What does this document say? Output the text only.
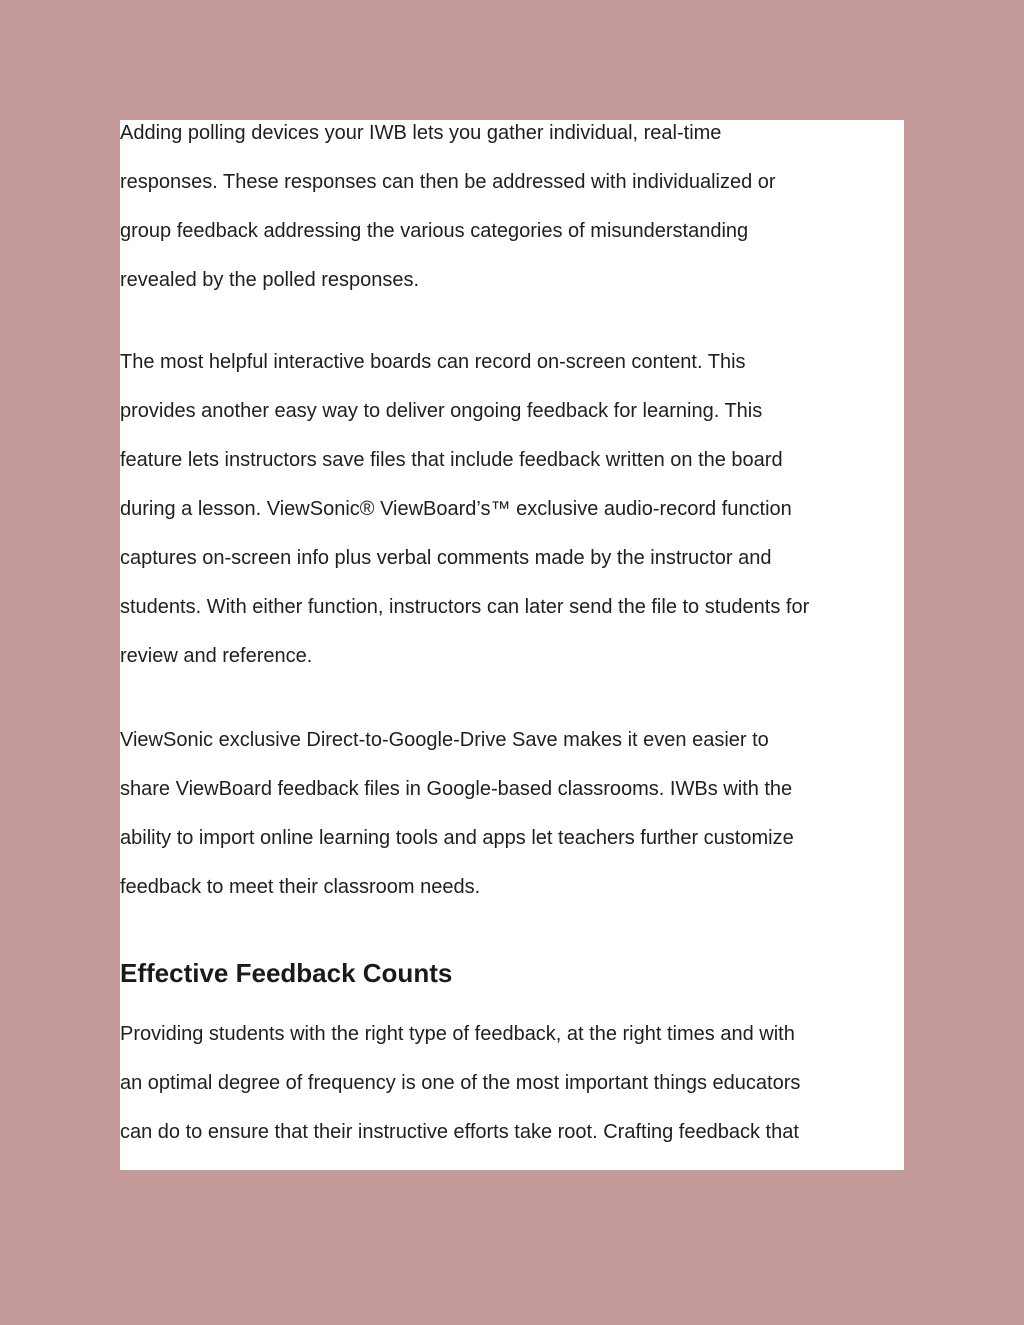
Adding polling devices your IWB lets you gather individual, real-time
responses. These responses can then be addressed with individualized or
group feedback addressing the various categories of misunderstanding
revealed by the polled responses.
The most helpful interactive boards can record on-screen content. This
provides another easy way to deliver ongoing feedback for learning. This
feature lets instructors save files that include feedback written on the board
during a lesson. ViewSonic® ViewBoard’s™ exclusive audio-record function
captures on-screen info plus verbal comments made by the instructor and
students. With either function, instructors can later send the file to students for
review and reference.
ViewSonic exclusive Direct-to-Google-Drive Save makes it even easier to
share ViewBoard feedback files in Google-based classrooms. IWBs with the
ability to import online learning tools and apps let teachers further customize
feedback to meet their classroom needs.
Effective Feedback Counts
Providing students with the right type of feedback, at the right times and with
an optimal degree of frequency is one of the most important things educators
can do to ensure that their instructive efforts take root. Crafting feedback that
